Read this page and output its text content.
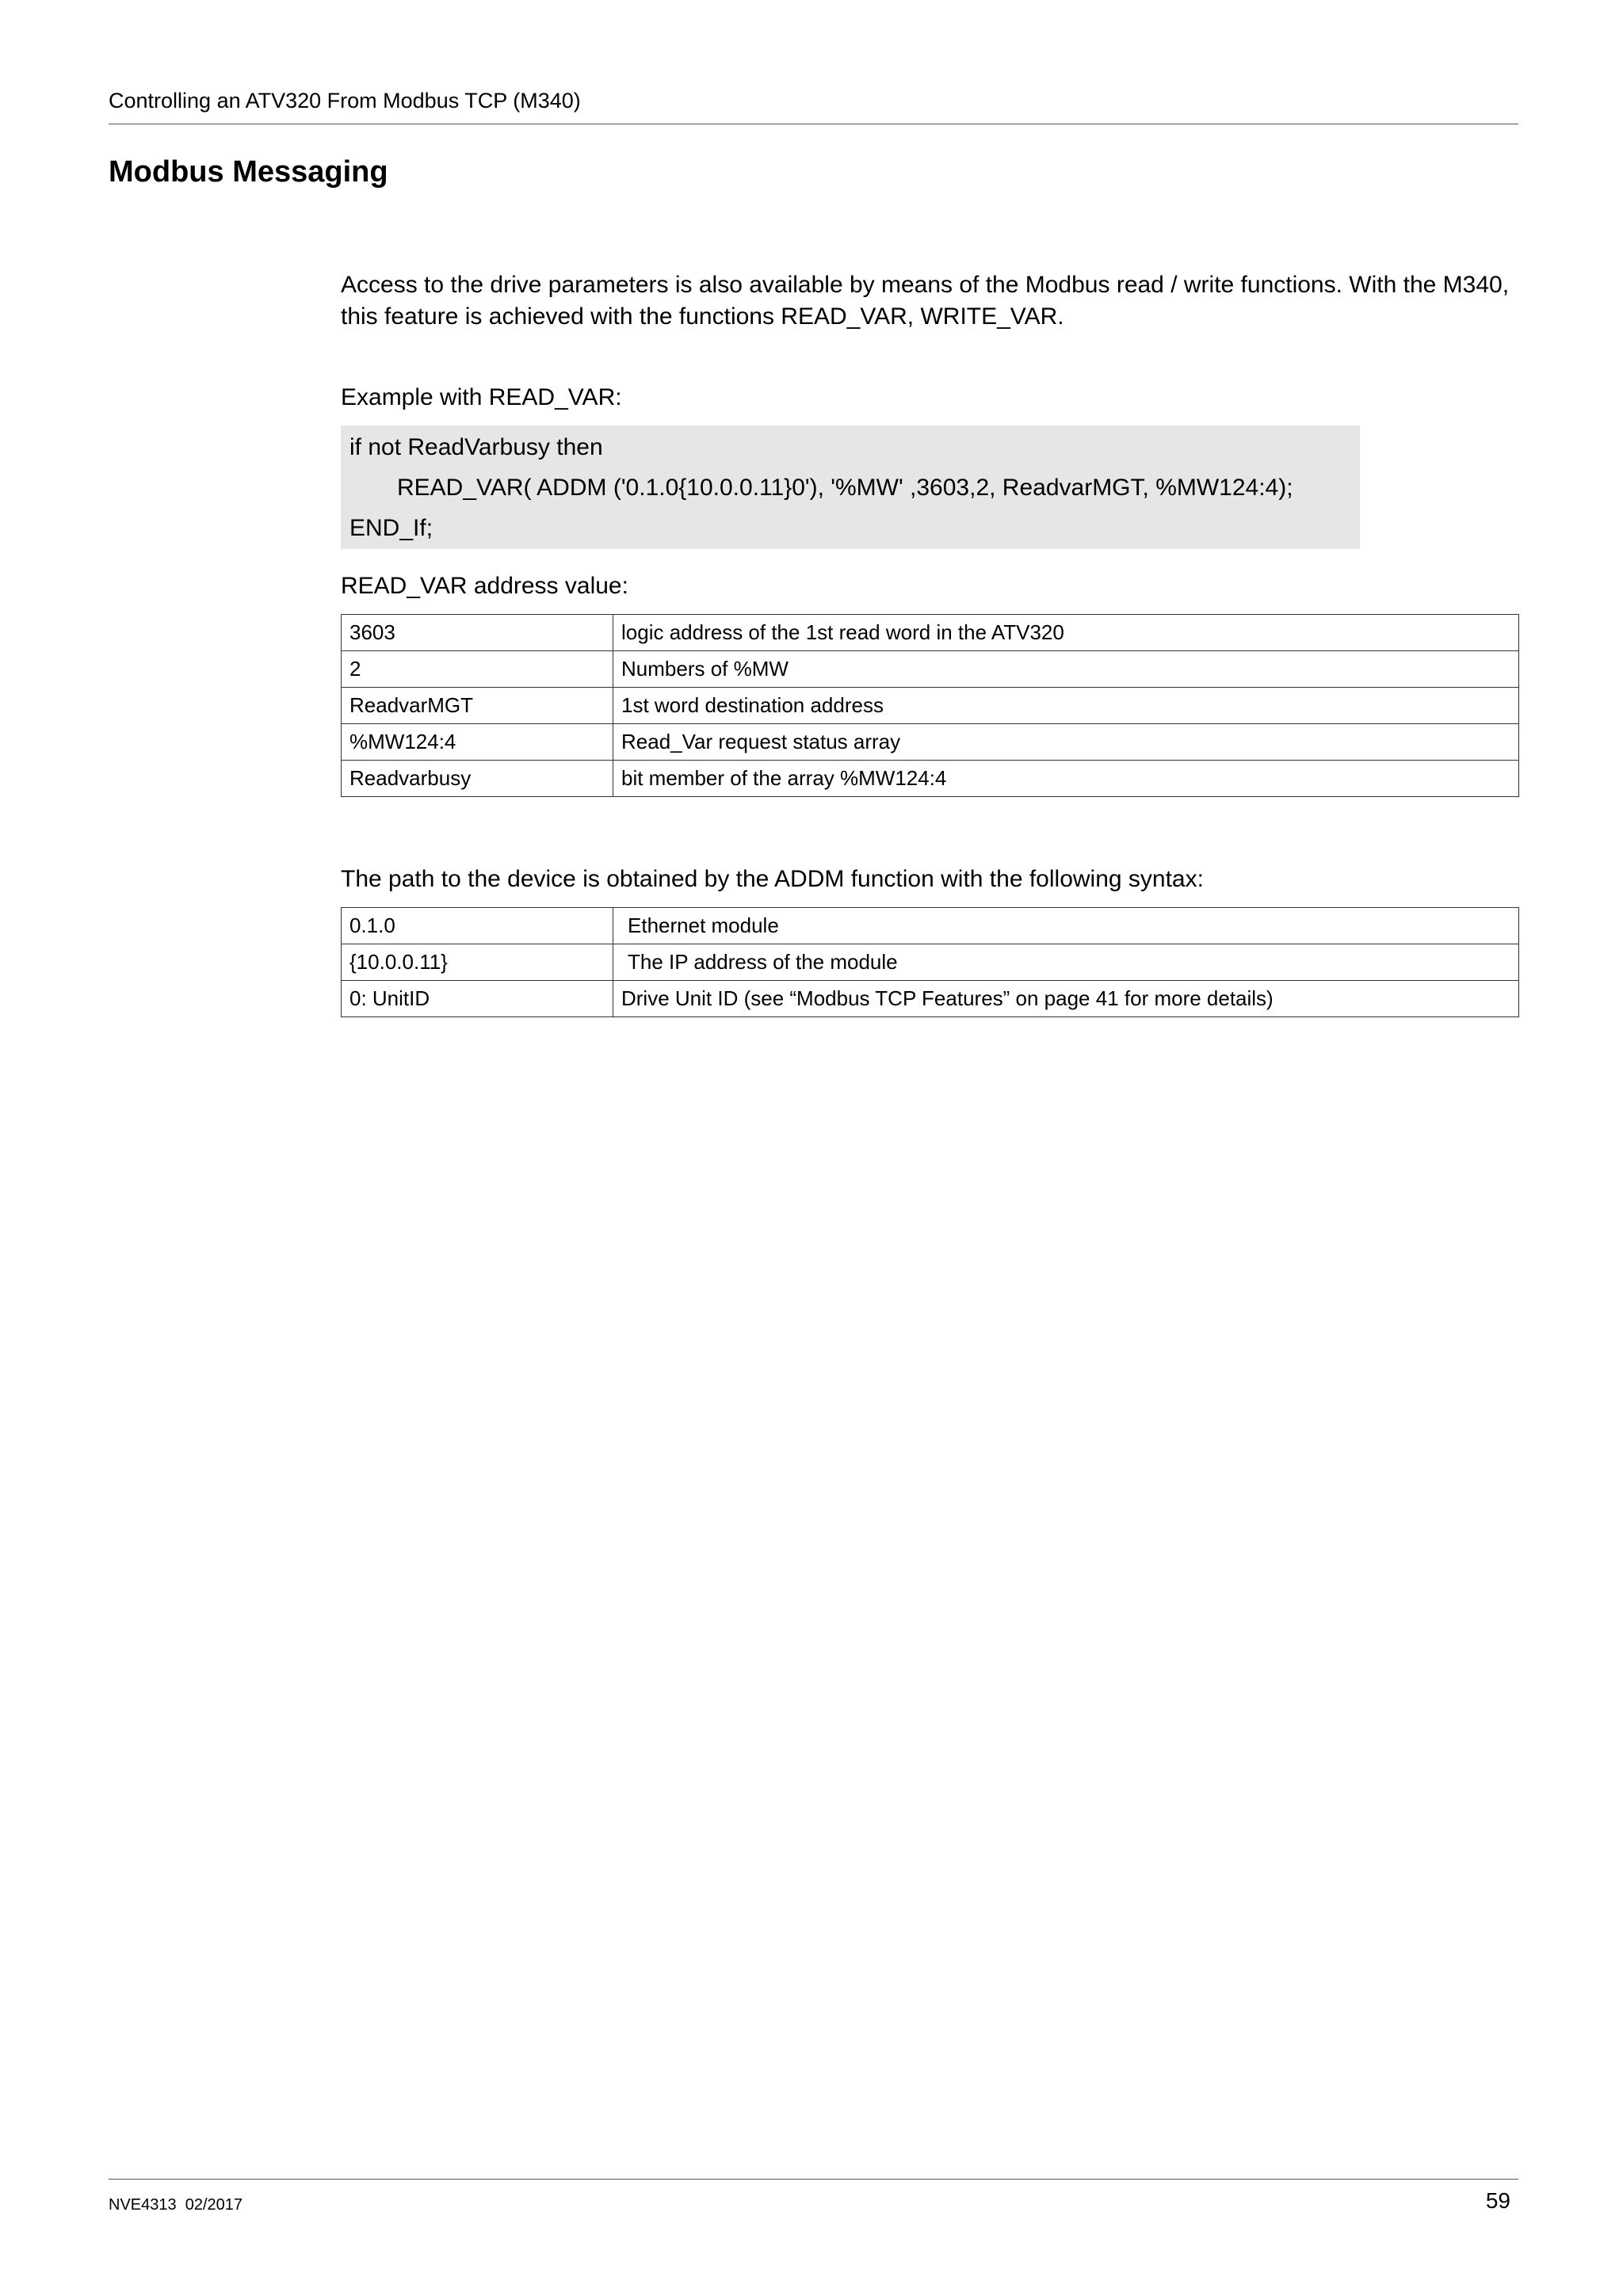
Controlling an ATV320 From Modbus TCP (M340)
Modbus Messaging

Access to the drive parameters is also available by means of the Modbus read / write functions. With the M340,

this feature is achieved with the functions READ_VAR, WRITE_VAR.

Example with READ_VAR:
if not ReadVarbusy then
READ_VAR( ADDM ('0.1.0{10.0.0.11}0'), '%MW' ,3603,2, ReadvarMGT, %MW124:4);
END_If;
READ_VAR address value:
3603	logic address of the 1st read word in the ATV320
2	Numbers of %MW
ReadvarMGT	1st word destination address
%MW124:4	Read_Var request status array
Readvarbusy	bit member of the array %MW124:4
The path to the device is obtained by the ADDM function with the following syntax:
0.1.0	Ethernet module
{10.0.0.11}	The IP address of the module
0: UnitID	Drive Unit ID (see “Modbus TCP Features” on page 41 for more details)
NVE4313  02/2017	59
